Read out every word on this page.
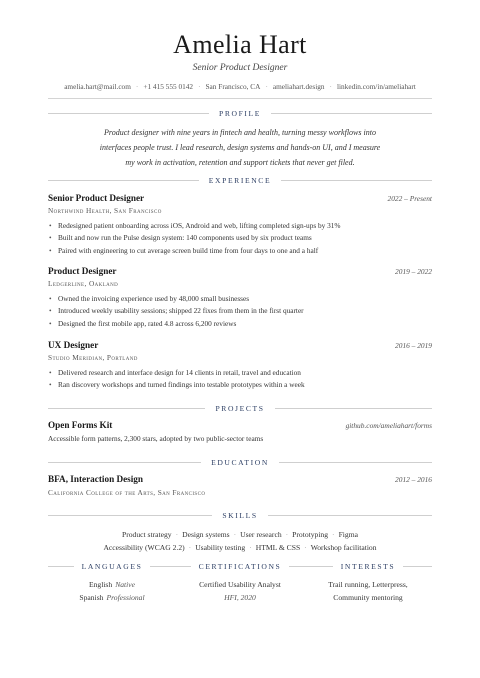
Amelia Hart
Senior Product Designer
amelia.hart@mail.com · +1 415 555 0142 · San Francisco, CA · ameliahart.design · linkedin.com/in/ameliahart
PROFILE
Product designer with nine years in fintech and health, turning messy workflows into interfaces people trust. I lead research, design systems and hands-on UI, and I measure my work in activation, retention and support tickets that never get filed.
EXPERIENCE
Senior Product Designer	2022 – Present
Northwind Health, San Francisco
• Redesigned patient onboarding across iOS, Android and web, lifting completed sign-ups by 31%
• Built and now run the Pulse design system: 140 components used by six product teams
• Paired with engineering to cut average screen build time from four days to one and a half
Product Designer	2019 – 2022
Ledgerline, Oakland
• Owned the invoicing experience used by 48,000 small businesses
• Introduced weekly usability sessions; shipped 22 fixes from them in the first quarter
• Designed the first mobile app, rated 4.8 across 6,200 reviews
UX Designer	2016 – 2019
Studio Meridian, Portland
• Delivered research and interface design for 14 clients in retail, travel and education
• Ran discovery workshops and turned findings into testable prototypes within a week
PROJECTS
Open Forms Kit	github.com/ameliahart/forms
Accessible form patterns, 2,300 stars, adopted by two public-sector teams
EDUCATION
BFA, Interaction Design	2012 – 2016
California College of the Arts, San Francisco
SKILLS
Product strategy · Design systems · User research · Prototyping · Figma
Accessibility (WCAG 2.2) · Usability testing · HTML & CSS · Workshop facilitation
LANGUAGES
English Native
Spanish Professional
CERTIFICATIONS
Certified Usability Analyst
HFI, 2020
INTERESTS
Trail running, Letterpress,
Community mentoring
